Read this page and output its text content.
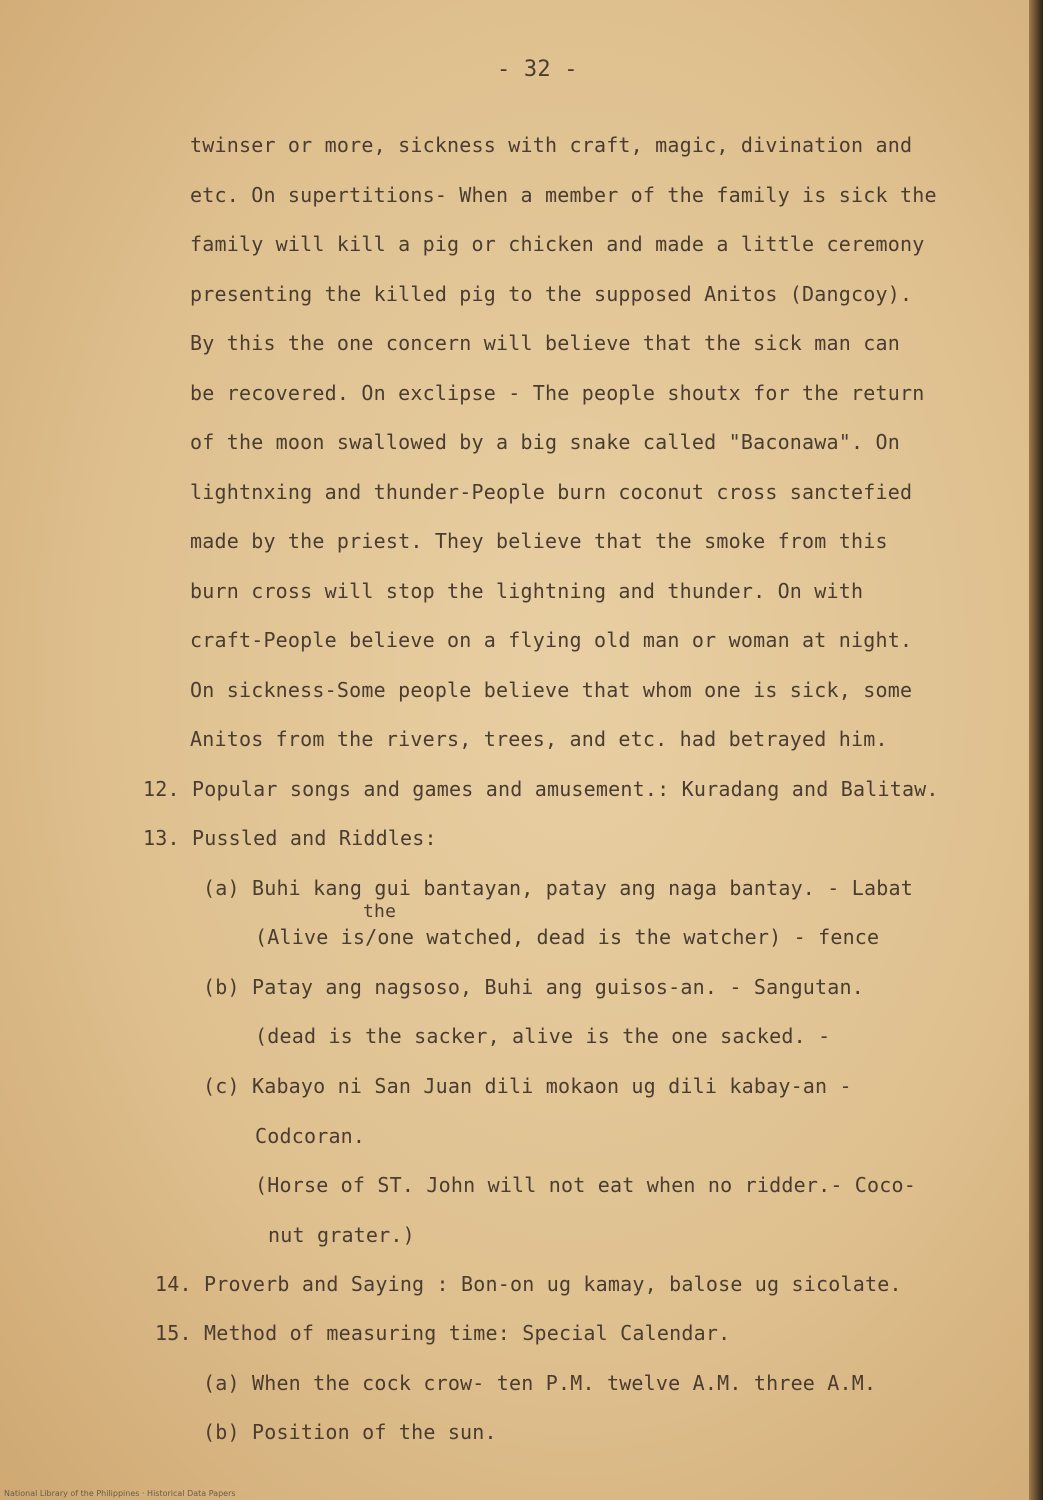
- 32 -
twinser or more, sickness with craft, magic, divination and
etc. On supertitions- When a member of the family is sick the
family will kill a pig or chicken and made a little ceremony
presenting the killed pig to the supposed Anitos (Dangcoy).
By this the one concern will believe that the sick man can
be recovered. On exclipse - The people shoutx for the return
of the moon swallowed by a big snake called "Baconawa". On
lightnxing and thunder-People burn coconut cross sanctefied
made by the priest. They believe that the smoke from this
burn cross will stop the lightning and thunder. On with
craft-People believe on a flying old man or woman at night.
On sickness-Some people believe that whom one is sick, some
Anitos from the rivers, trees, and etc. had betrayed him.
12. Popular songs and games and amusement.: Kuradang and Balitaw.
13. Pussled and Riddles:
(a) Buhi kang gui bantayan, patay ang naga bantay. - Labat
the
(Alive is/one watched, dead is the watcher) - fence
(b) Patay ang nagsoso, Buhi ang guisos-an. - Sangutan.
(dead is the sacker, alive is the one sacked. -
(c) Kabayo ni San Juan dili mokaon ug dili kabay-an -
Codcoran.
(Horse of ST. John will not eat when no ridder.- Coco-
nut grater.)
14. Proverb and Saying : Bon-on ug kamay, balose ug sicolate.
15. Method of measuring time: Special Calendar.
(a) When the cock crow- ten P.M. twelve A.M. three A.M.
(b) Position of the sun.
National Library of the Philippines · Historical Data Papers
